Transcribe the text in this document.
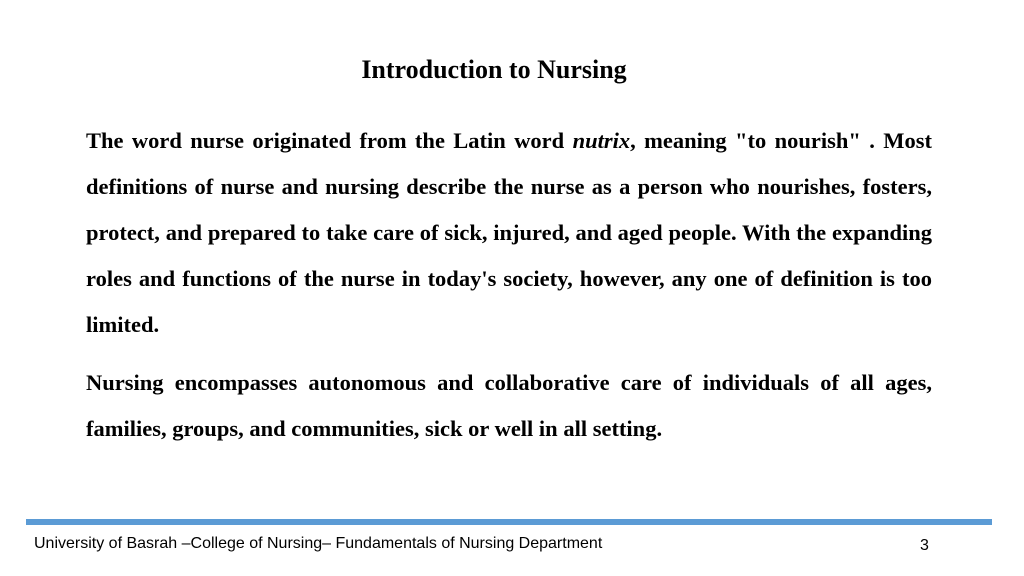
Introduction to Nursing

The word nurse originated from the Latin word nutrix, meaning "to nourish" . Most definitions of nurse and nursing describe the nurse as a person who nourishes, fosters, protect, and prepared to take care of sick, injured, and aged people. With the expanding roles and functions of the nurse in today's society, however, any one of definition is too limited.

Nursing encompasses autonomous and collaborative care of individuals of all ages, families, groups, and communities, sick or well in all setting.

University of Basrah –College of Nursing– Fundamentals of Nursing Department	3
